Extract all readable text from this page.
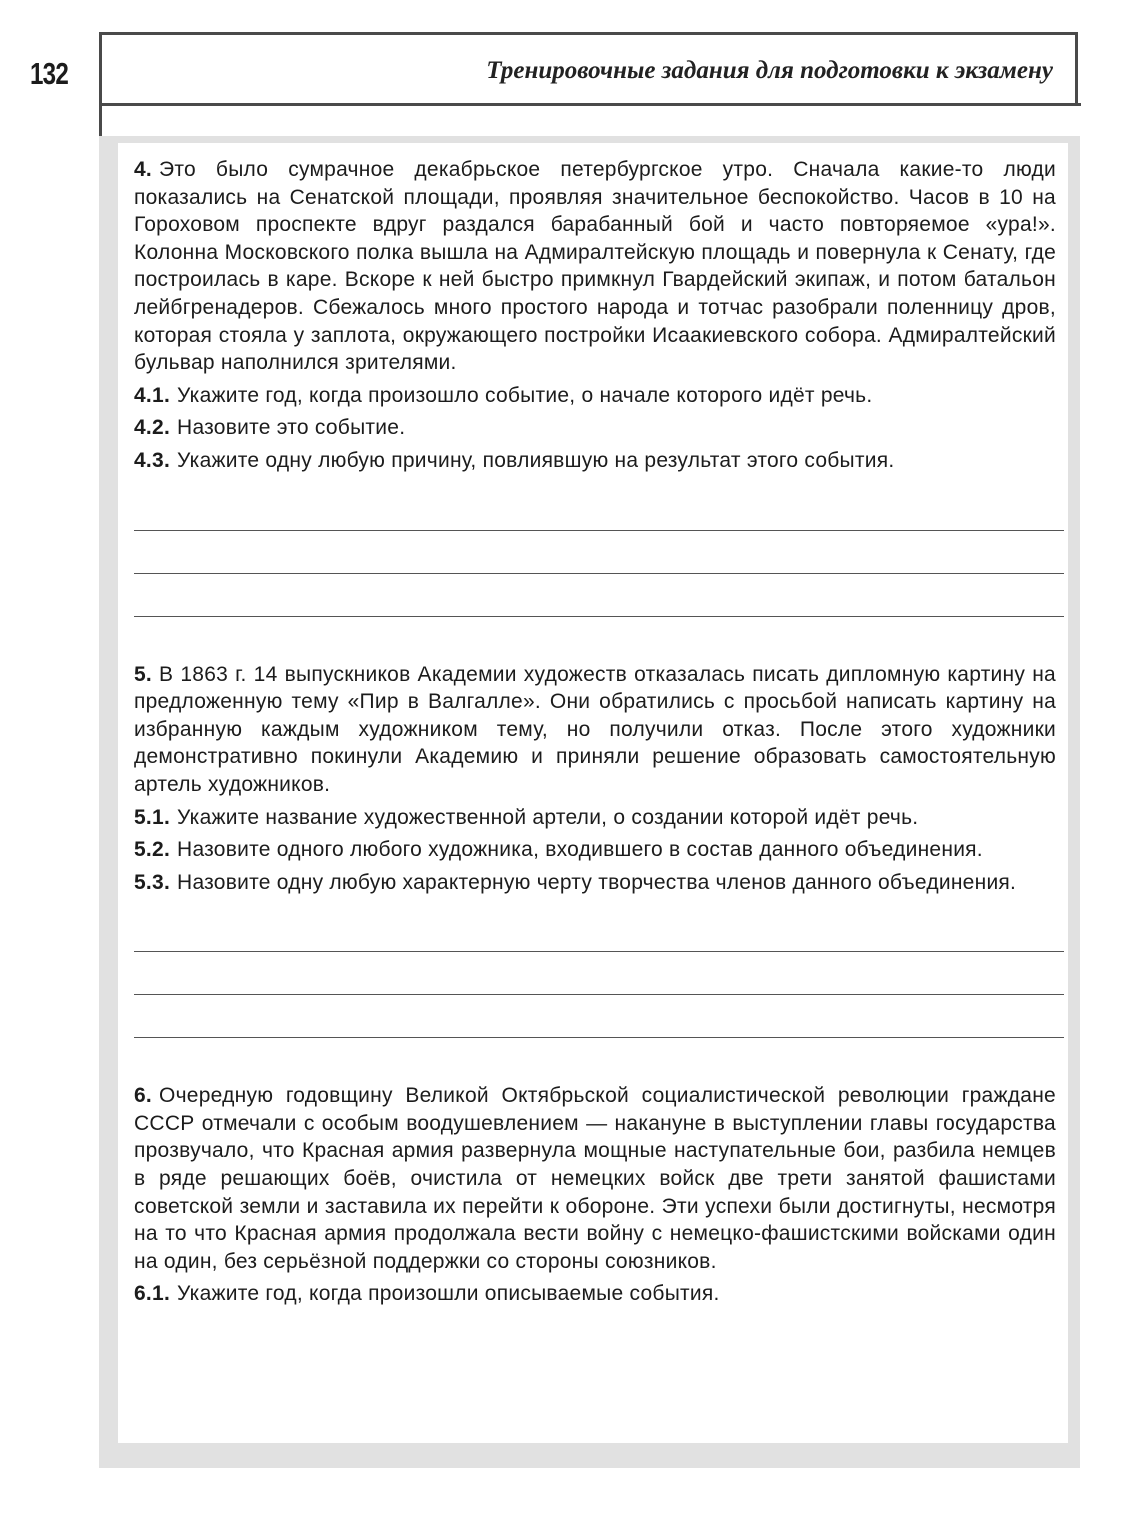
132	Тренировочные задания для подготовки к экзамену

4. Это было сумрачное декабрьское петербургское утро. Сначала какие-то люди показались на Сенатской площади, проявляя значительное беспокойство. Часов в 10 на Гороховом проспекте вдруг раздался барабанный бой и часто повторяемое «ура!». Колонна Московского полка вышла на Адмиралтейскую площадь и повернула к Сенату, где построилась в каре. Вскоре к ней быстро примкнул Гвардейский экипаж, и потом батальон лейбгренадеров. Сбежалось много простого народа и тотчас разобрали поленницу дров, которая стояла у заплота, окружающего постройки Исаакиевского собора. Адмиралтейский бульвар наполнился зрителями.

4.1. Укажите год, когда произошло событие, о начале которого идёт речь.

4.2. Назовите это событие.

4.3. Укажите одну любую причину, повлиявшую на результат этого события.

5. В 1863 г. 14 выпускников Академии художеств отказалась писать дипломную картину на предложенную тему «Пир в Валгалле». Они обратились с просьбой написать картину на избранную каждым художником тему, но получили отказ. После этого художники демонстративно покинули Академию и приняли решение образовать самостоятельную артель художников.

5.1. Укажите название художественной артели, о создании которой идёт речь.

5.2. Назовите одного любого художника, входившего в состав данного объединения.

5.3. Назовите одну любую характерную черту творчества членов данного объединения.

6. Очередную годовщину Великой Октябрьской социалистической революции граждане СССР отмечали с особым воодушевлением — накануне в выступлении главы государства прозвучало, что Красная армия развернула мощные наступательные бои, разбила немцев в ряде решающих боёв, очистила от немецких войск две трети занятой фашистами советской земли и заставила их перейти к обороне. Эти успехи были достигнуты, несмотря на то что Красная армия продолжала вести войну с немецко-фашистскими войсками один на один, без серьёзной поддержки со стороны союзников.

6.1. Укажите год, когда произошли описываемые события.
